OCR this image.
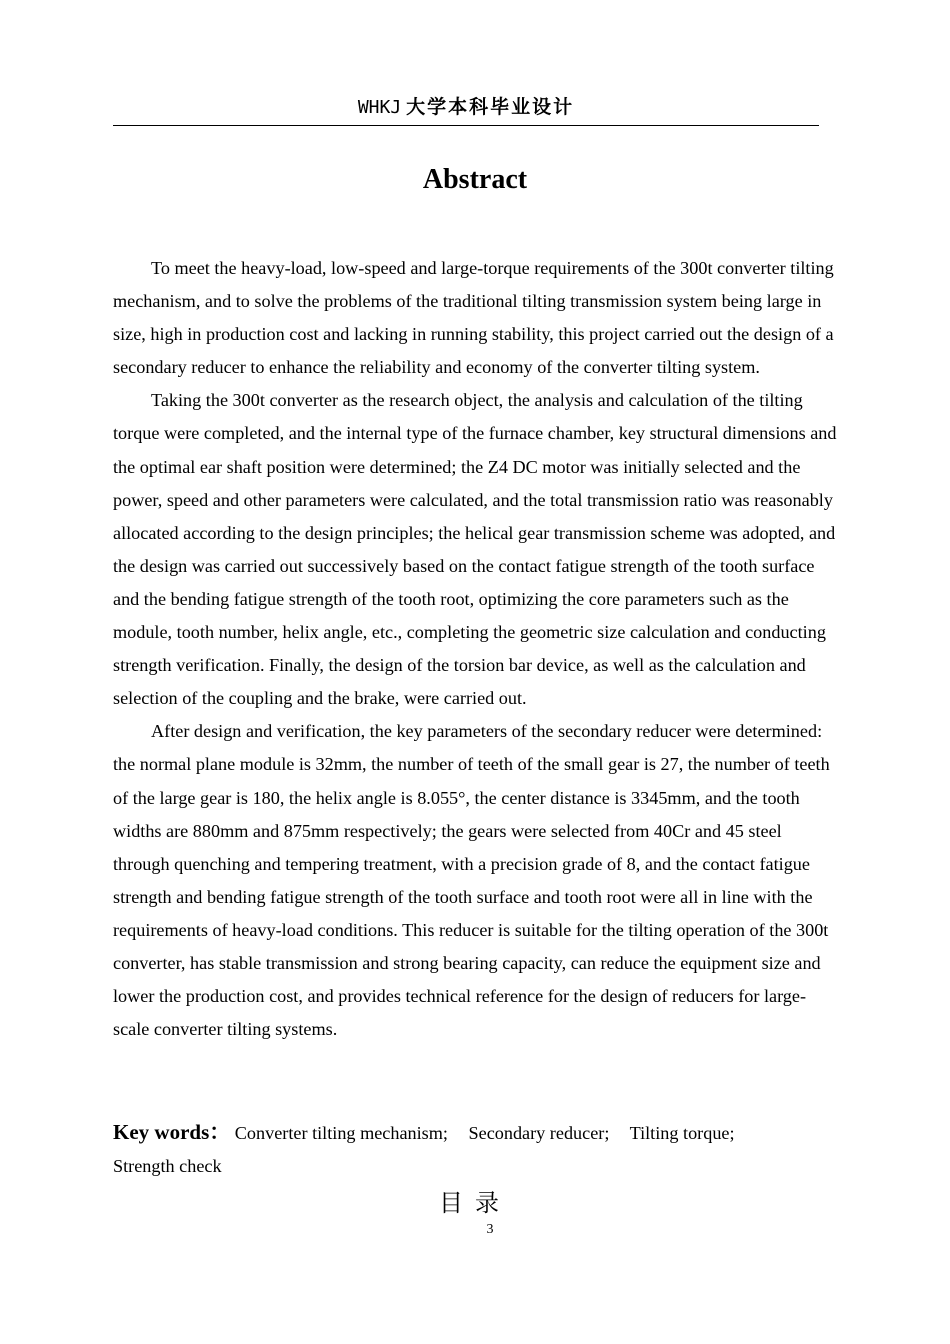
WHKJ 大学本科毕业设计
Abstract

To meet the heavy-load, low-speed and large-torque requirements of the 300t converter tilting mechanism, and to solve the problems of the traditional tilting transmission system being large in size, high in production cost and lacking in running stability, this project carried out the design of a secondary reducer to enhance the reliability and economy of the converter tilting system.

Taking the 300t converter as the research object, the analysis and calculation of the tilting torque were completed, and the internal type of the furnace chamber, key structural dimensions and the optimal ear shaft position were determined; the Z4 DC motor was initially selected and the power, speed and other parameters were calculated, and the total transmission ratio was reasonably allocated according to the design principles; the helical gear transmission scheme was adopted, and the design was carried out successively based on the contact fatigue strength of the tooth surface and the bending fatigue strength of the tooth root, optimizing the core parameters such as the module, tooth number, helix angle, etc., completing the geometric size calculation and conducting strength verification. Finally, the design of the torsion bar device, as well as the calculation and selection of the coupling and the brake, were carried out.

After design and verification, the key parameters of the secondary reducer were determined: the normal plane module is 32mm, the number of teeth of the small gear is 27, the number of teeth of the large gear is 180, the helix angle is 8.055°, the center distance is 3345mm, and the tooth widths are 880mm and 875mm respectively; the gears were selected from 40Cr and 45 steel through quenching and tempering treatment, with a precision grade of 8, and the contact fatigue strength and bending fatigue strength of the tooth surface and tooth root were all in line with the requirements of heavy-load conditions. This reducer is suitable for the tilting operation of the 300t converter, has stable transmission and strong bearing capacity, can reduce the equipment size and lower the production cost, and provides technical reference for the design of reducers for large-scale converter tilting systems.

Key words： Converter tilting mechanism; Secondary reducer; Tilting torque;
Strength check
目录
3
